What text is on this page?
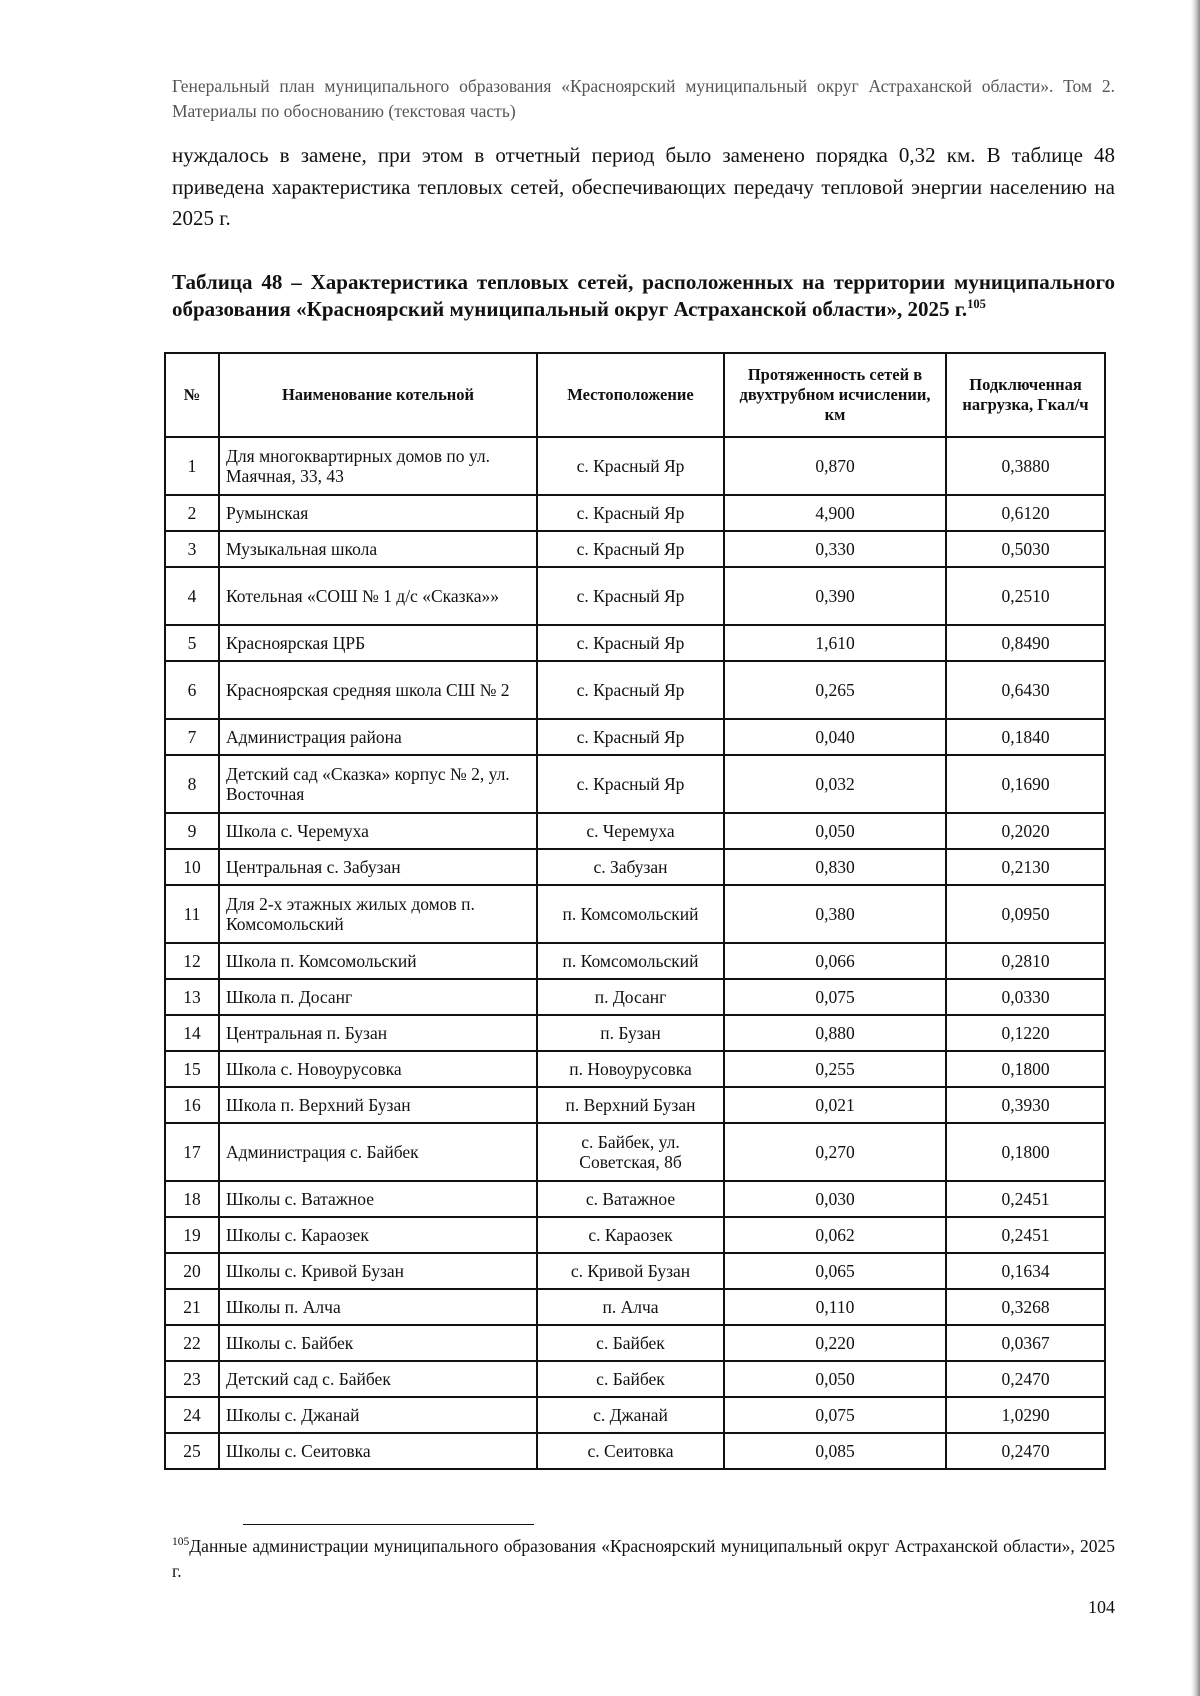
Генеральный план муниципального образования «Красноярский муниципальный округ Астраханской области». Том 2. Материалы по обоснованию (текстовая часть)
нуждалось в замене, при этом в отчетный период было заменено порядка 0,32 км. В таблице 48 приведена характеристика тепловых сетей, обеспечивающих передачу тепловой энергии населению на 2025 г.
Таблица 48 – Характеристика тепловых сетей, расположенных на территории муниципального образования «Красноярский муниципальный округ Астраханской области», 2025 г.$^{105}$
№	Наименование котельной	Местоположение	Протяженность сетей в двухтрубном исчислении, км	Подключенная нагрузка, Гкал/ч
1	Для многоквартирных домов по ул. Маячная, 33, 43	с. Красный Яр	0,870	0,3880
2	Румынская	с. Красный Яр	4,900	0,6120
3	Музыкальная школа	с. Красный Яр	0,330	0,5030
4	Котельная «СОШ № 1 д/с «Сказка»»	с. Красный Яр	0,390	0,2510
5	Красноярская ЦРБ	с. Красный Яр	1,610	0,8490
6	Красноярская средняя школа СШ № 2	с. Красный Яр	0,265	0,6430
7	Администрация района	с. Красный Яр	0,040	0,1840
8	Детский сад «Сказка» корпус № 2, ул. Восточная	с. Красный Яр	0,032	0,1690
9	Школа с. Черемуха	с. Черемуха	0,050	0,2020
10	Центральная с. Забузан	с. Забузан	0,830	0,2130
11	Для 2-х этажных жилых домов п. Комсомольский	п. Комсомольский	0,380	0,0950
12	Школа п. Комсомольский	п. Комсомольский	0,066	0,2810
13	Школа п. Досанг	п. Досанг	0,075	0,0330
14	Центральная п. Бузан	п. Бузан	0,880	0,1220
15	Школа с. Новоурусовка	п. Новоурусовка	0,255	0,1800
16	Школа п. Верхний Бузан	п. Верхний Бузан	0,021	0,3930
17	Администрация с. Байбек	с. Байбек, ул. Советская, 8б	0,270	0,1800
18	Школы с. Ватажное	с. Ватажное	0,030	0,2451
19	Школы с. Караозек	с. Караозек	0,062	0,2451
20	Школы с. Кривой Бузан	с. Кривой Бузан	0,065	0,1634
21	Школы п. Алча	п. Алча	0,110	0,3268
22	Школы с. Байбек	с. Байбек	0,220	0,0367
23	Детский сад с. Байбек	с. Байбек	0,050	0,2470
24	Школы с. Джанай	с. Джанай	0,075	1,0290
25	Школы с. Сеитовка	с. Сеитовка	0,085	0,2470
$^{105}$Данные администрации муниципального образования «Красноярский муниципальный округ Астраханской области», 2025 г.
104
